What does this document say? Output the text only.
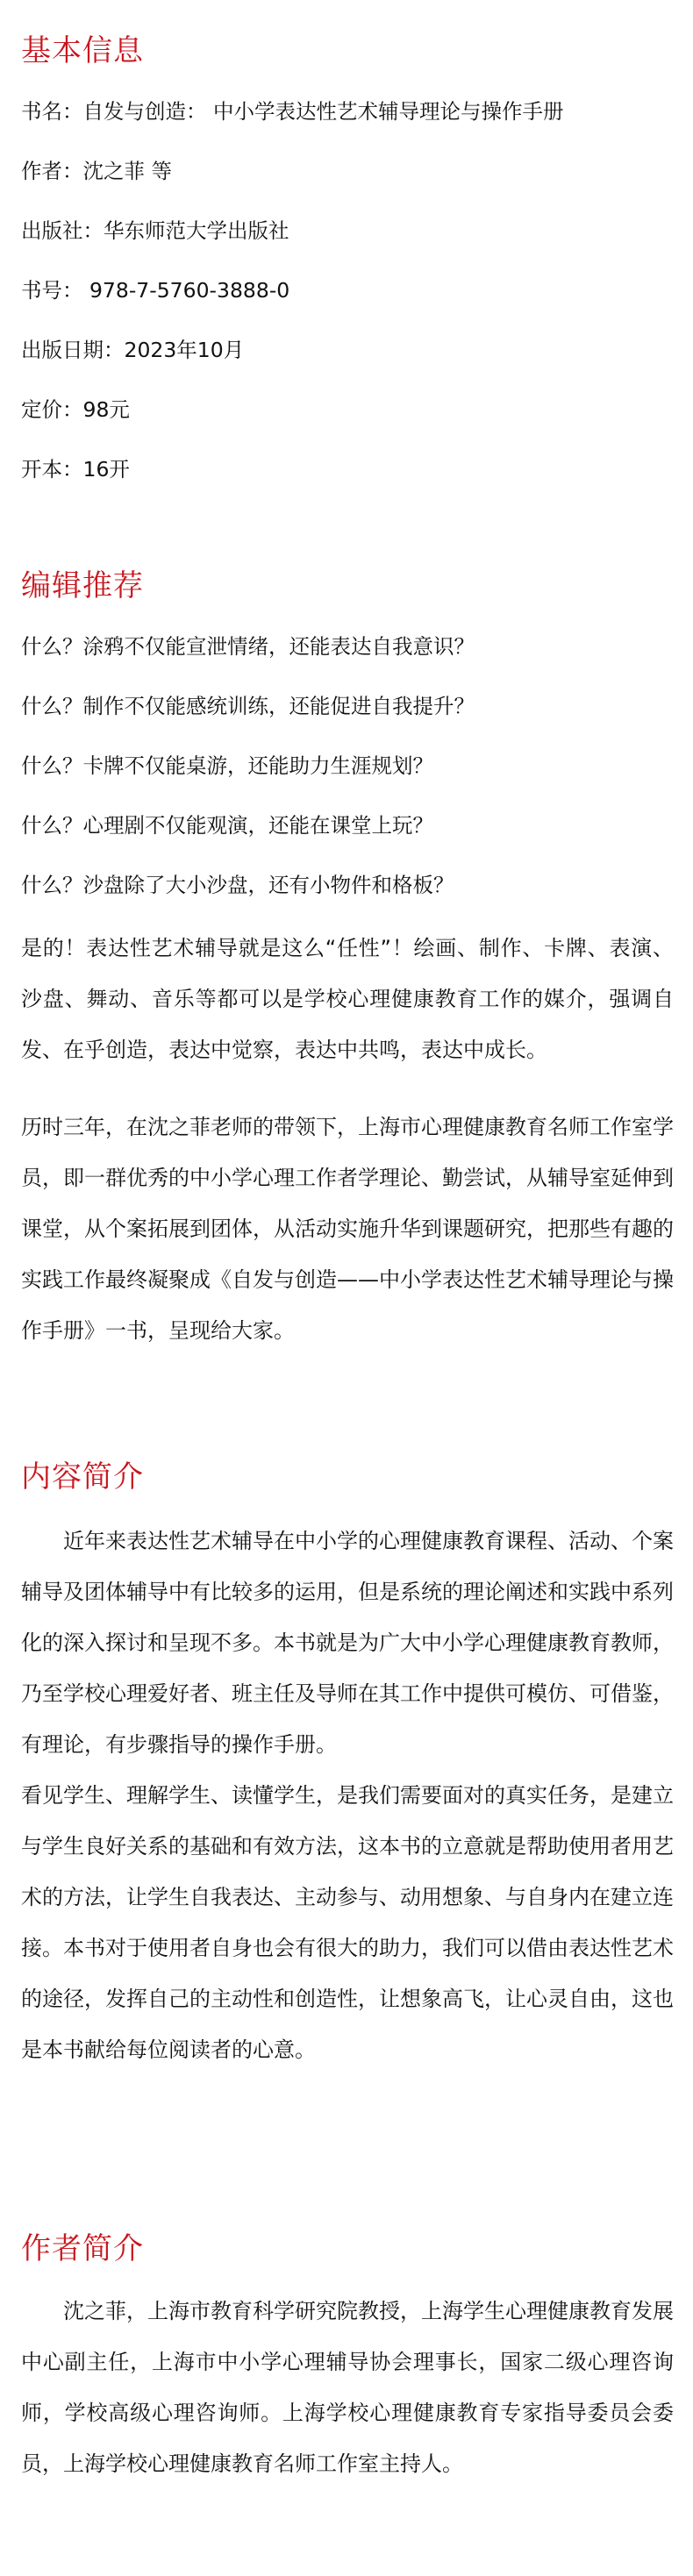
基本信息

书名：自发与创造： 中小学表达性艺术辅导理论与操作手册

作者：沈之菲 等

出版社：华东师范大学出版社

书号： 978-7-5760-3888-0

出版日期：2023年10月

定价：98元

开本：16开

编辑推荐

什么？涂鸦不仅能宣泄情绪，还能表达自我意识？

什么？制作不仅能感统训练，还能促进自我提升？

什么？卡牌不仅能桌游，还能助力生涯规划？

什么？心理剧不仅能观演，还能在课堂上玩？

什么？沙盘除了大小沙盘，还有小物件和格板？

是的！表达性艺术辅导就是这么“任性”！绘画、制作、卡牌、表演、沙盘、舞动、音乐等都可以是学校心理健康教育工作的媒介，强调自发、在乎创造，表达中觉察，表达中共鸣，表达中成长。

历时三年，在沈之菲老师的带领下，上海市心理健康教育名师工作室学员，即一群优秀的中小学心理工作者学理论、勤尝试，从辅导室延伸到课堂，从个案拓展到团体，从活动实施升华到课题研究，把那些有趣的实践工作最终凝聚成《自发与创造——中小学表达性艺术辅导理论与操作手册》一书，呈现给大家。

内容简介

近年来表达性艺术辅导在中小学的心理健康教育课程、活动、个案辅导及团体辅导中有比较多的运用，但是系统的理论阐述和实践中系列化的深入探讨和呈现不多。本书就是为广大中小学心理健康教育教师，乃至学校心理爱好者、班主任及导师在其工作中提供可模仿、可借鉴，有理论，有步骤指导的操作手册。

看见学生、理解学生、读懂学生，是我们需要面对的真实任务，是建立与学生良好关系的基础和有效方法，这本书的立意就是帮助使用者用艺术的方法，让学生自我表达、主动参与、动用想象、与自身内在建立连接。本书对于使用者自身也会有很大的助力，我们可以借由表达性艺术的途径，发挥自己的主动性和创造性，让想象高飞，让心灵自由，这也是本书献给每位阅读者的心意。

作者简介

沈之菲，上海市教育科学研究院教授，上海学生心理健康教育发展中心副主任，上海市中小学心理辅导协会理事长，国家二级心理咨询师，学校高级心理咨询师。上海学校心理健康教育专家指导委员会委员，上海学校心理健康教育名师工作室主持人。
